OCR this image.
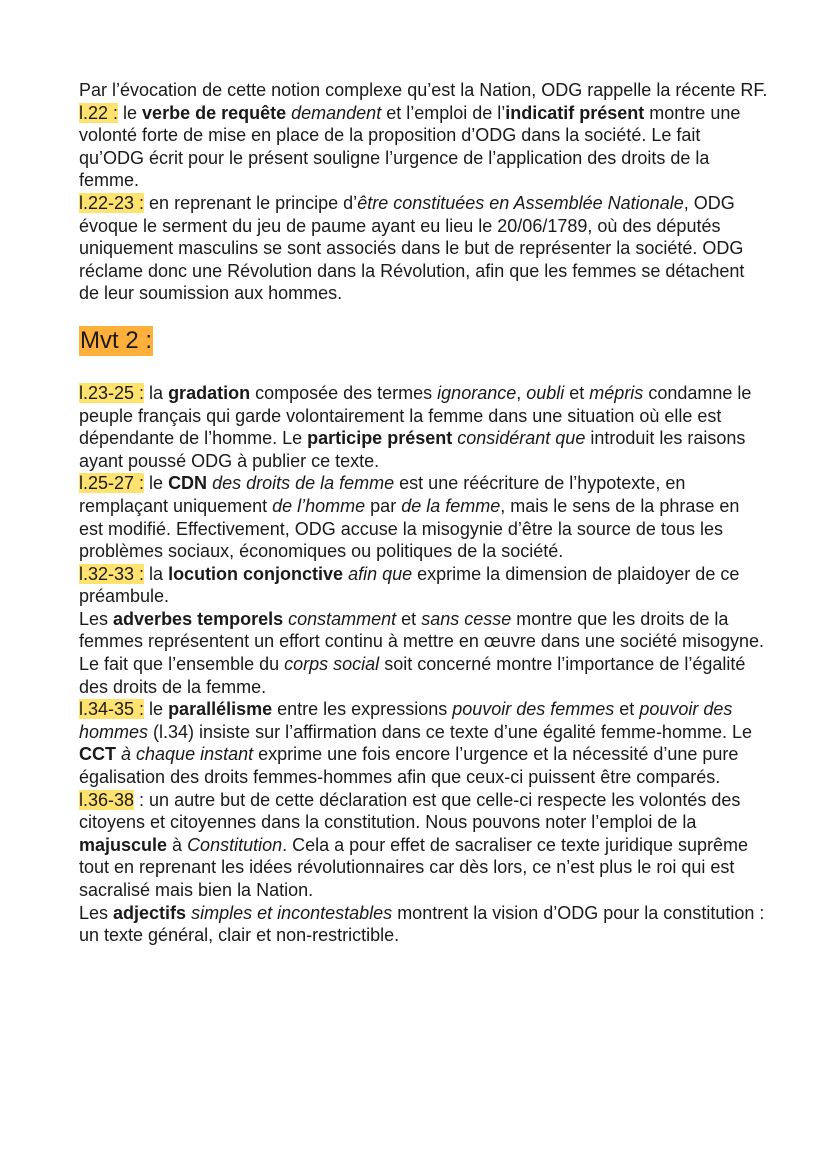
Par l’évocation de cette notion complexe qu’est la Nation, ODG rappelle la récente RF.

l.22 : le verbe de requête demandent et l’emploi de l’indicatif présent montre une volonté forte de mise en place de la proposition d’ODG dans la société. Le fait qu’ODG écrit pour le présent souligne l’urgence de l’application des droits de la femme.

l.22-23 : en reprenant le principe d’être constituées en Assemblée Nationale, ODG évoque le serment du jeu de paume ayant eu lieu le 20/06/1789, où des députés uniquement masculins se sont associés dans le but de représenter la société. ODG réclame donc une Révolution dans la Révolution, afin que les femmes se détachent de leur soumission aux hommes.

Mvt 2 :

l.23-25 : la gradation composée des termes ignorance, oubli et mépris condamne le peuple français qui garde volontairement la femme dans une situation où elle est dépendante de l’homme. Le participe présent considérant que introduit les raisons ayant poussé ODG à publier ce texte.

l.25-27 : le CDN des droits de la femme est une réécriture de l’hypotexte, en remplaçant uniquement de l’homme par de la femme, mais le sens de la phrase en est modifié. Effectivement, ODG accuse la misogynie d’être la source de tous les problèmes sociaux, économiques ou politiques de la société.

l.32-33 : la locution conjonctive afin que exprime la dimension de plaidoyer de ce préambule.

Les adverbes temporels constamment et sans cesse montre que les droits de la femmes représentent un effort continu à mettre en œuvre dans une société misogyne.

Le fait que l’ensemble du corps social soit concerné montre l’importance de l’égalité des droits de la femme.

l.34-35 : le parallélisme entre les expressions pouvoir des femmes et pouvoir des hommes (l.34) insiste sur l’affirmation dans ce texte d’une égalité femme-homme. Le CCT à chaque instant exprime une fois encore l’urgence et la nécessité d’une pure égalisation des droits femmes-hommes afin que ceux-ci puissent être comparés.

l.36-38 : un autre but de cette déclaration est que celle-ci respecte les volontés des citoyens et citoyennes dans la constitution. Nous pouvons noter l’emploi de la majuscule à Constitution. Cela a pour effet de sacraliser ce texte juridique suprême tout en reprenant les idées révolutionnaires car dès lors, ce n’est plus le roi qui est sacralisé mais bien la Nation.

Les adjectifs simples et incontestables montrent la vision d’ODG pour la constitution : un texte général, clair et non-restrictible.
